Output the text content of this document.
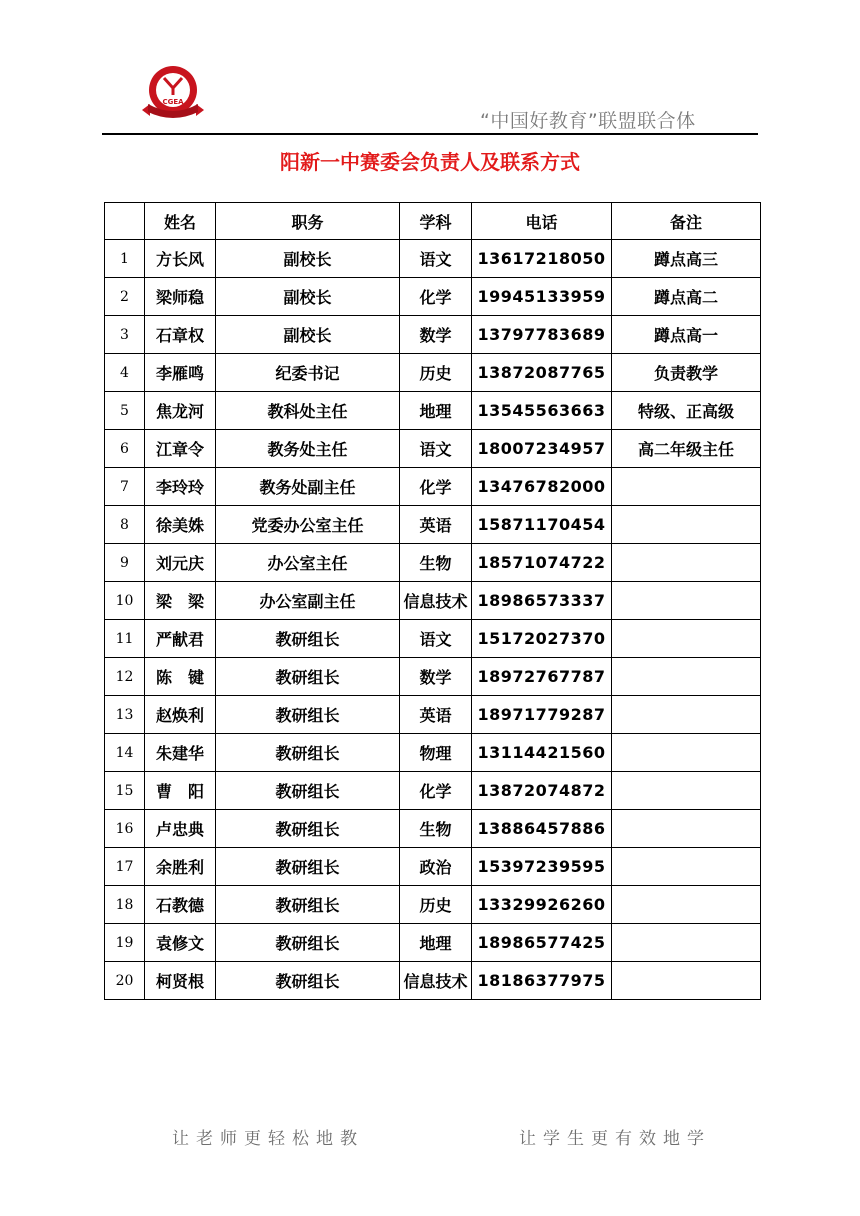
CGEA
“中国好教育”联盟联合体
阳新一中赛委会负责人及联系方式
	姓名	职务	学科	电话	备注
1	方长风	副校长	语文	13617218050	蹲点高三
2	梁师稳	副校长	化学	19945133959	蹲点高二
3	石章权	副校长	数学	13797783689	蹲点高一
4	李雁鸣	纪委书记	历史	13872087765	负责教学
5	焦龙河	教科处主任	地理	13545563663	特级、正高级
6	江章令	教务处主任	语文	18007234957	高二年级主任
7	李玲玲	教务处副主任	化学	13476782000	
8	徐美姝	党委办公室主任	英语	15871170454	
9	刘元庆	办公室主任	生物	18571074722	
10	梁　梁	办公室副主任	信息技术	18986573337	
11	严献君	教研组长	语文	15172027370	
12	陈　键	教研组长	数学	18972767787	
13	赵焕利	教研组长	英语	18971779287	
14	朱建华	教研组长	物理	13114421560	
15	曹　阳	教研组长	化学	13872074872	
16	卢忠典	教研组长	生物	13886457886	
17	余胜利	教研组长	政治	15397239595	
18	石教德	教研组长	历史	13329926260	
19	袁修文	教研组长	地理	18986577425	
20	柯贤根	教研组长	信息技术	18186377975	
让老师更轻松地教	让学生更有效地学
